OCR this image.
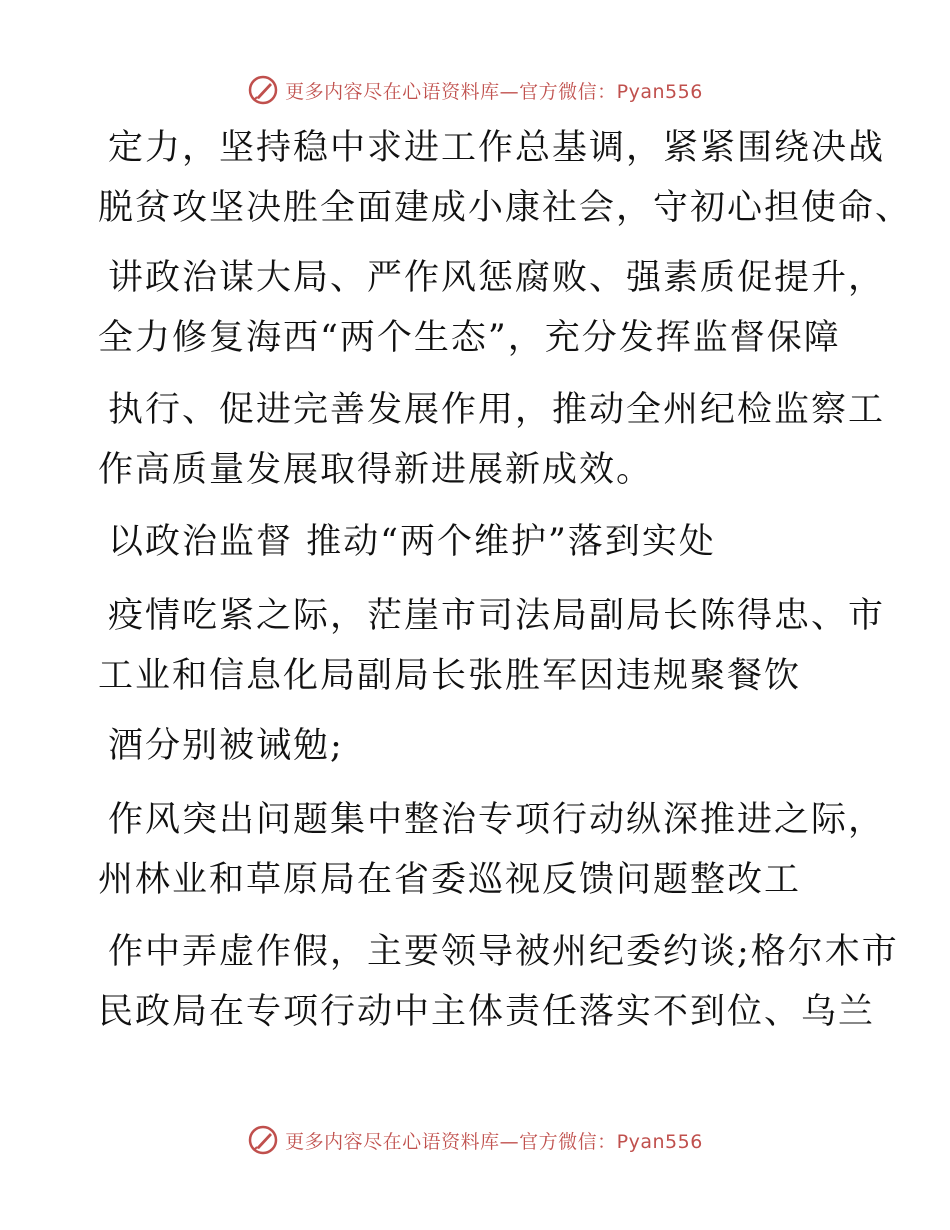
更多内容尽在心语资料库—官方微信：Pyan556
定力，坚持稳中求进工作总基调，紧紧围绕决战
脱贫攻坚决胜全面建成小康社会，守初心担使命、
讲政治谋大局、严作风惩腐败、强素质促提升，
全力修复海西“两个生态”，充分发挥监督保障
执行、促进完善发展作用，推动全州纪检监察工
作高质量发展取得新进展新成效。
以政治监督 推动“两个维护”落到实处
疫情吃紧之际，茫崖市司法局副局长陈得忠、市
工业和信息化局副局长张胜军因违规聚餐饮
酒分别被诫勉;
作风突出问题集中整治专项行动纵深推进之际，
州林业和草原局在省委巡视反馈问题整改工
作中弄虚作假，主要领导被州纪委约谈;格尔木市
民政局在专项行动中主体责任落实不到位、乌兰
更多内容尽在心语资料库—官方微信：Pyan556
